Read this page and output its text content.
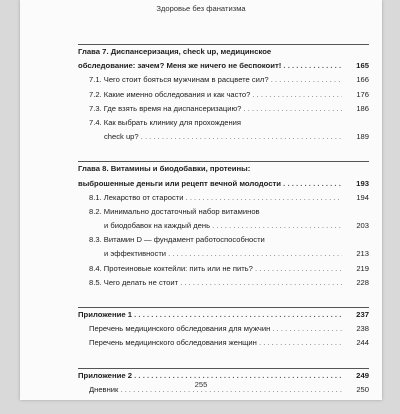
Здоровье без фанатизма
Глава 7. Диспансеризация, check up, медицинское
обследование: зачем? Меня же ничего не беспокоит! . . .	165
7.1. Чего стоит бояться мужчинам в расцвете сил? . . .	166
7.2. Какие именно обследования и как часто? . . .	176
7.3. Где взять время на диспансеризацию? . . .	186
7.4. Как выбрать клинику для прохождения
check up? . . .	189
Глава 8. Витамины и биодобавки, протеины:
выброшенные деньги или рецепт вечной молодости . . .	193
8.1. Лекарство от старости . . .	194
8.2. Минимально достаточный набор витаминов
и биодобавок на каждый день . . .	203
8.3. Витамин D — фундамент работоспособности
и эффективности . . .	213
8.4. Протеиновые коктейли: пить или не пить? . . .	219
8.5. Чего делать не стоит . . .	228
Приложение 1 . . .	237
Перечень медицинского обследования для мужчин . . .	238
Перечень медицинского обследования женщин . . .	244
Приложение 2 . . .	249
Дневник . . .	250
255
